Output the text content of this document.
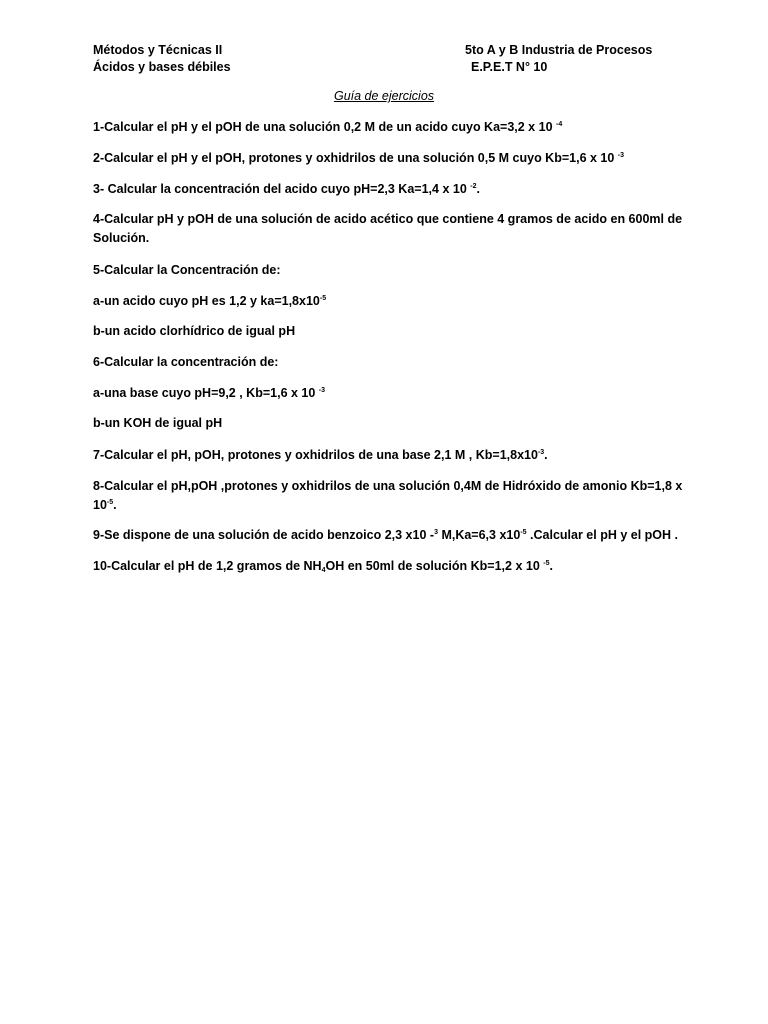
Métodos y Técnicas II
Ácidos y bases débiles
5to A y B Industria de Procesos
E.P.E.T N° 10
Guía de ejercicios
1-Calcular el pH y el pOH de una solución 0,2 M de un acido cuyo Ka=3,2 x 10 $^{-4}$
2-Calcular el pH y el pOH, protones y oxhidrilos de una solución 0,5 M cuyo Kb=1,6 x 10 $^{-3}$
3- Calcular la concentración del acido cuyo pH=2,3 Ka=1,4 x 10 $^{-2}$.
4-Calcular pH y pOH de una solución de acido acético que contiene 4 gramos de acido en 600ml de Solución.
5-Calcular la Concentración de:
a-un acido cuyo pH es 1,2 y $ka=1,8x10^{-5}$
b-un acido clorhídrico de igual pH
6-Calcular la concentración de:
a-una base cuyo pH=9,2 , Kb=1,6 x 10 $^{-3}$
b-un KOH de igual pH
7-Calcular el pH, pOH, protones y oxhidrilos de una base 2,1 M , $Kb=1,8x10^{-3}$.
8-Calcular el pH,pOH ,protones y oxhidrilos de una solución 0,4M de Hidróxido de amonio Kb=1,8 x $10^{-5}$.
9-Se dispone de una solución de acido benzoico 2,3 x10 -$^3$ M,Ka=6,3 $x10^{-5}$ .Calcular el pH y el pOH .
10-Calcular el pH de 1,2 gramos de $NH_4OH$ en 50ml de solución Kb=1,2 x 10 $^{-5}$.
